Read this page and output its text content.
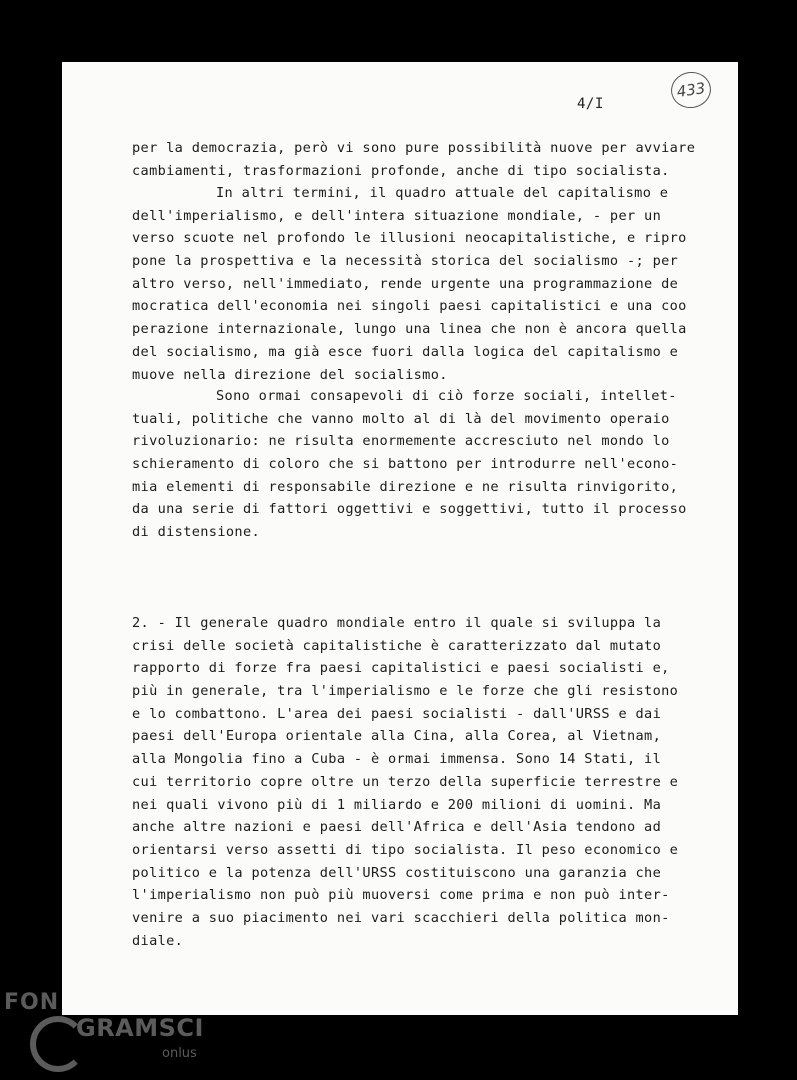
4/I
433
per la democrazia, però vi sono pure possibilità nuove per avviare
cambiamenti, trasformazioni profonde, anche di tipo socialista.
In altri termini, il quadro attuale del capitalismo e
dell'imperialismo, e dell'intera situazione mondiale, - per un
verso scuote nel profondo le illusioni neocapitalistiche, e ripro
pone la prospettiva e la necessità storica del socialismo -; per
altro verso, nell'immediato, rende urgente una programmazione de
mocratica dell'economia nei singoli paesi capitalistici e una coo
perazione internazionale, lungo una linea che non è ancora quella
del socialismo, ma già esce fuori dalla logica del capitalismo e
muove nella direzione del socialismo.
Sono ormai consapevoli di ciò forze sociali, intellet-
tuali, politiche che vanno molto al di là del movimento operaio
rivoluzionario: ne risulta enormemente accresciuto nel mondo lo
schieramento di coloro che si battono per introdurre nell'econo-
mia elementi di responsabile direzione e ne risulta rinvigorito,
da una serie di fattori oggettivi e soggettivi, tutto il processo
di distensione.
2. - Il generale quadro mondiale entro il quale si sviluppa la
crisi delle società capitalistiche è caratterizzato dal mutato
rapporto di forze fra paesi capitalistici e paesi socialisti e,
più in generale, tra l'imperialismo e le forze che gli resistono
e lo combattono. L'area dei paesi socialisti - dall'URSS e dai
paesi dell'Europa orientale alla Cina, alla Corea, al Vietnam,
alla Mongolia fino a Cuba - è ormai immensa. Sono 14 Stati, il
cui territorio copre oltre un terzo della superficie terrestre e
nei quali vivono più di 1 miliardo e 200 milioni di uomini. Ma
anche altre nazioni e paesi dell'Africa e dell'Asia tendono ad
orientarsi verso assetti di tipo socialista. Il peso economico e
politico e la potenza dell'URSS costituiscono una garanzia che
l'imperialismo non può più muoversi come prima e non può inter-
venire a suo piacimento nei vari scacchieri della politica mon-
diale.
FON
GRAMSCI
onlus
